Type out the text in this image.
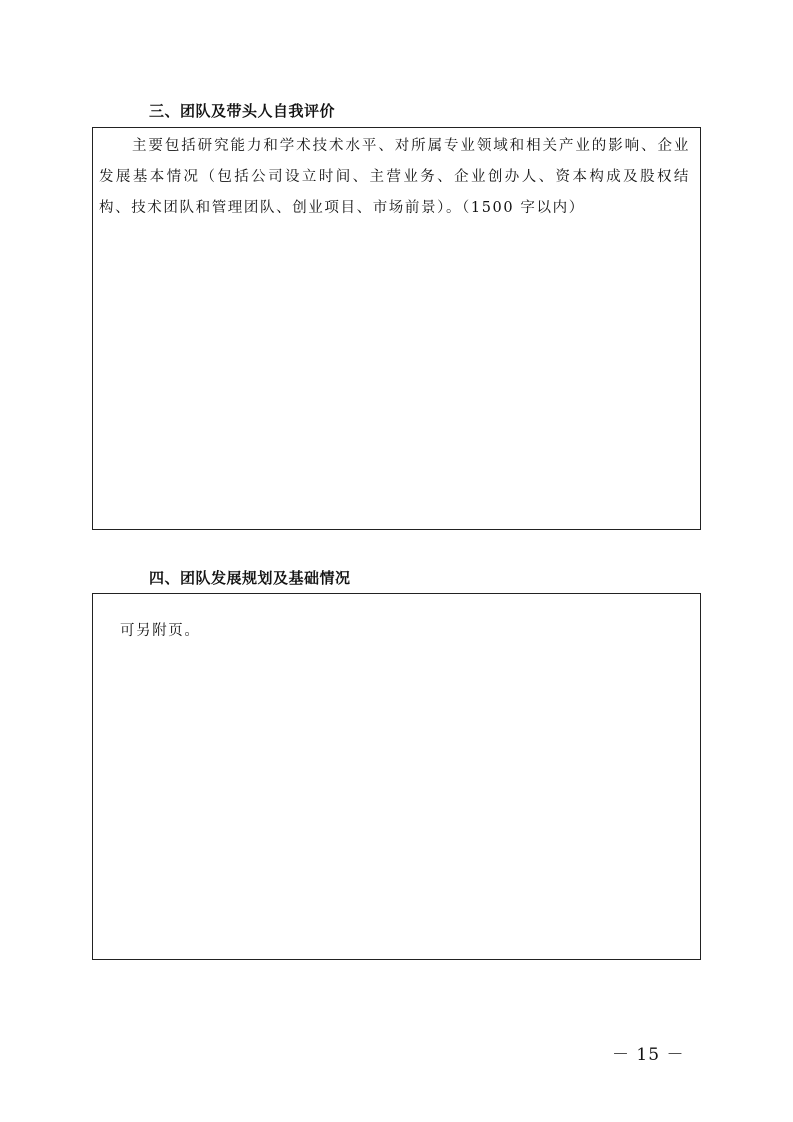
三、团队及带头人自我评价
主要包括研究能力和学术技术水平、对所属专业领域和相关产业的影响、企业发展基本情况（包括公司设立时间、主营业务、企业创办人、资本构成及股权结构、技术团队和管理团队、创业项目、市场前景）。（1500 字以内）
四、团队发展规划及基础情况
可另附页。
－ 15 －
